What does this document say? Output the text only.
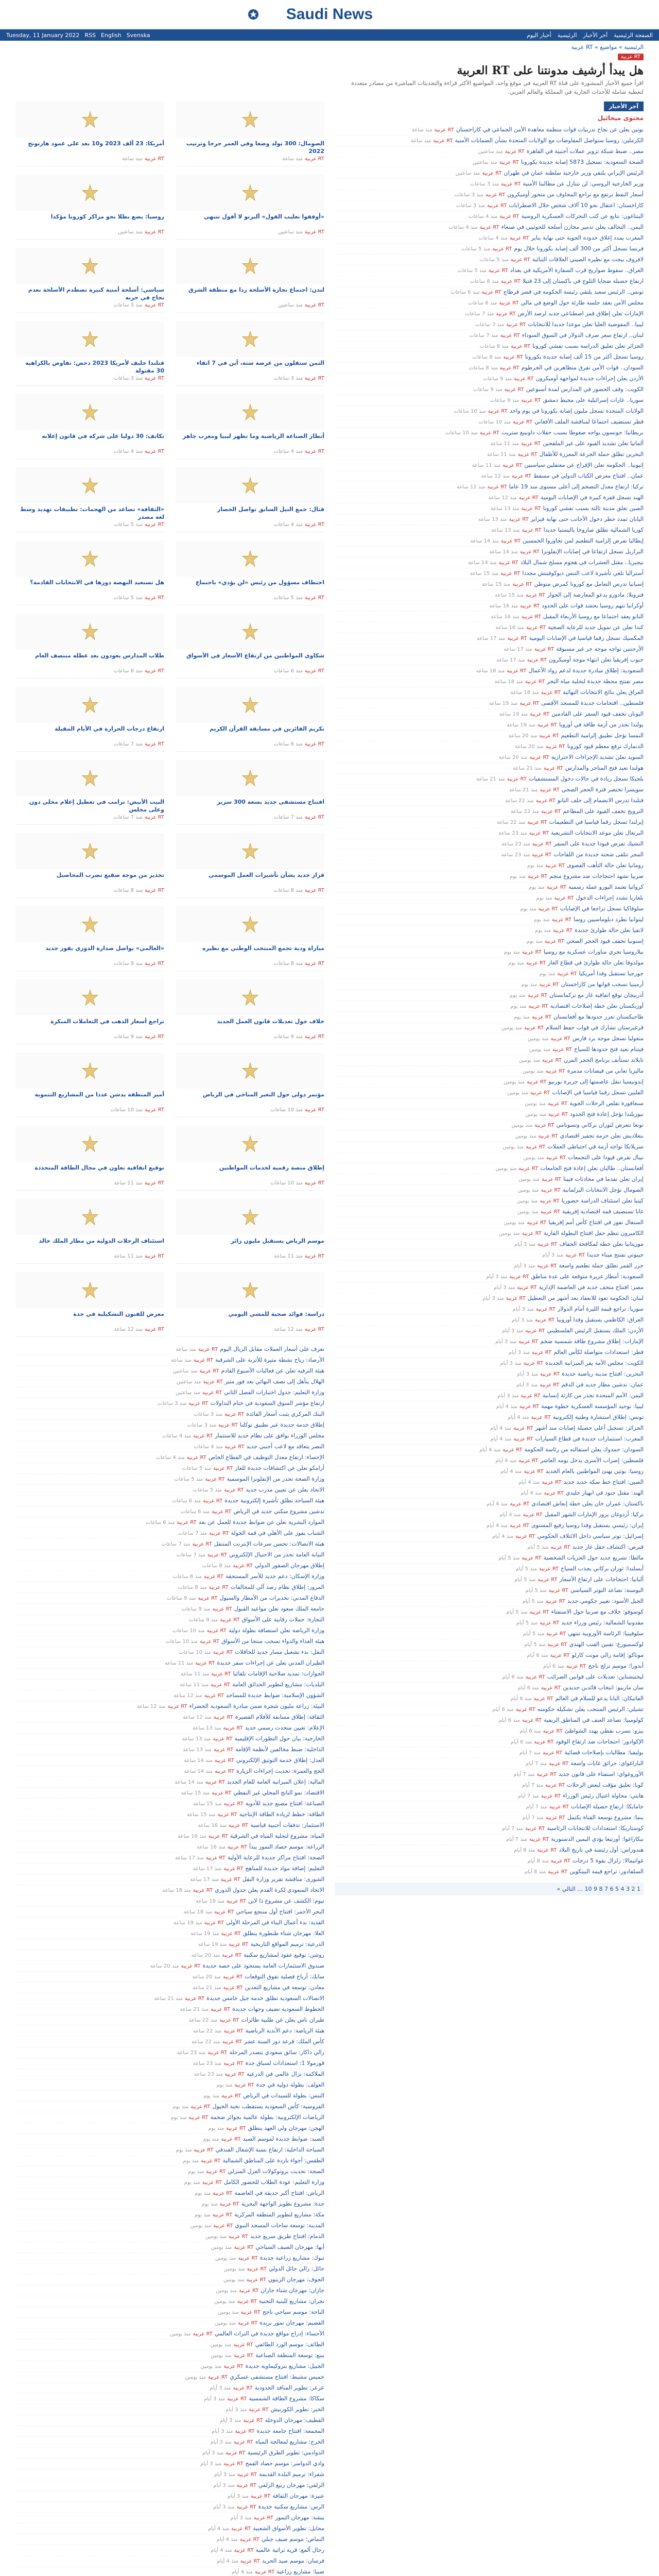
Saudi News
Tuesday, 11 January 2022 RSS English Svenska	الصفحة الرئيسية
آخر الأخبار
الرئيسية
أخبار اليوم
الرئيسية » مواضيع » RT عربية
RT عربية
هل يبدأ أرشيف مدونتنا على RT العربية
اقرأ جميع الأخبار المنشورة على قناة RT العربية في موقع واحد، المواضيع الأكثر قراءة والتحديثات المباشرة من مصادر متعددة لتغطية شاملة للأحداث الجارية في المملكة والعالم العربي.
آخر الأخبار
محتوى ميخائيل
بوتين يعلن عن نجاح تدريبات قوات منظمة معاهدة الأمن الجماعي في كازاخستانRT عربيةمنذ ساعة
الكرملين: روسيا ستواصل المفاوضات مع الولايات المتحدة بشأن الضمانات الأمنيةRT عربيةمنذ ساعة
مصر.. ضبط شبكة تزوير عملات أجنبية في القاهرةRT عربيةمنذ ساعتين
الصحة السعودية: تسجيل 5873 إصابة جديدة بكوروناRT عربيةمنذ ساعتين
الرئيس الإيراني يلتقي وزير خارجية سلطنة عمان في طهرانRT عربيةمنذ ساعتين
وزير الخارجية الروسي: لن نتنازل عن مطالبنا الأمنيةRT عربيةمنذ 3 ساعات
أسعار النفط ترتفع مع تراجع المخاوف من متحور أوميكرونRT عربيةمنذ 3 ساعات
كازاخستان: اعتقال نحو 10 آلاف شخص خلال الاضطراباتRT عربيةمنذ 3 ساعات
البنتاغون: نتابع عن كثب التحركات العسكرية الروسيةRT عربيةمنذ 4 ساعات
اليمن.. التحالف يعلن تدمير مخازن أسلحة للحوثيين في صنعاءRT عربيةمنذ 4 ساعات
المغرب يمدد إغلاق حدوده الجوية حتى نهاية ينايرRT عربيةمنذ 4 ساعات
فرنسا تسجل أكثر من 300 ألف إصابة بكورونا خلال يومRT عربيةمنذ 5 ساعات
لافروف يبحث مع نظيره الصيني العلاقات الثنائيةRT عربيةمنذ 5 ساعات
العراق.. سقوط صواريخ قرب السفارة الأمريكية في بغدادRT عربيةمنذ 5 ساعات
ارتفاع حصيلة ضحايا الثلوج في باكستان إلى 23 قتيلاRT عربيةمنذ 6 ساعات
تونس.. الرئيس سعيد يلتقي رئيسة الحكومة في قصر قرطاجRT عربيةمنذ 6 ساعات
مجلس الأمن يعقد جلسة طارئة حول الوضع في ماليRT عربيةمنذ 6 ساعات
الإمارات تعلن إطلاق قمر اصطناعي جديد لرصد الأرضRT عربيةمنذ 7 ساعات
ليبيا.. المفوضية العليا تعلن موعدا جديدا للانتخاباتRT عربيةمنذ 7 ساعات
لبنان.. ارتفاع سعر صرف الدولار في السوق السوداءRT عربيةمنذ 7 ساعات
الجزائر تعلن تعليق الدراسة بسبب تفشي كوروناRT عربيةمنذ 8 ساعات
روسيا تسجل أكثر من 15 ألف إصابة جديدة بكوروناRT عربيةمنذ 8 ساعات
السودان.. قوات الأمن تفرق متظاهرين في الخرطومRT عربيةمنذ 8 ساعات
الأردن يعلن إجراءات جديدة لمواجهة أوميكرونRT عربيةمنذ 9 ساعات
الكويت: وقف الحضور في المدارس لمدة أسبوعينRT عربيةمنذ 9 ساعات
سوريا.. غارات إسرائيلية على محيط دمشقRT عربيةمنذ 9 ساعات
الولايات المتحدة تسجل مليون إصابة بكورونا في يوم واحدRT عربيةمنذ 10 ساعات
قطر تستضيف اجتماعا لمناقشة الملف الأفغانيRT عربيةمنذ 10 ساعات
بريطانيا: جونسون يواجه ضغوطا بسبب حفلات داونينغ ستريتRT عربيةمنذ 10 ساعات
ألمانيا تعلن تشديد القيود على غير الملقحينRT عربيةمنذ 11 ساعة
البحرين تطلق حملة الجرعة المعززة للأطفالRT عربيةمنذ 11 ساعة
إثيوبيا.. الحكومة تعلن الإفراج عن معتقلين سياسيينRT عربيةمنذ 11 ساعة
عمان.. افتتاح معرض الكتاب الدولي في مسقطRT عربيةمنذ 12 ساعة
تركيا: ارتفاع معدل التضخم إلى أعلى مستوى منذ 19 عاماRT عربيةمنذ 12 ساعة
الهند تسجل قفزة كبيرة في الإصابات اليوميةRT عربيةمنذ 12 ساعة
الصين تغلق مدينة ثالثة بسبب تفشي كوروناRT عربيةمنذ 13 ساعة
اليابان تمدد حظر دخول الأجانب حتى نهاية فبرايرRT عربيةمنذ 13 ساعة
كوريا الشمالية تطلق صاروخا باليستيا جديداRT عربيةمنذ 13 ساعة
إيطاليا تفرض إلزامية التطعيم لمن تجاوزوا الخمسينRT عربيةمنذ 14 ساعة
البرازيل تسجل ارتفاعا في إصابات الإنفلونزاRT عربيةمنذ 14 ساعة
نيجيريا.. مقتل العشرات في هجوم مسلح شمال البلادRT عربيةمنذ 14 ساعة
أستراليا تلغي تأشيرة لاعب التنس ديوكوفيتش مجدداRT عربيةمنذ 15 ساعة
إسبانيا تدرس التعامل مع كورونا كمرض متوطنRT عربيةمنذ 15 ساعة
فنزويلا: مادورو يدعو المعارضة إلى الحوارRT عربيةمنذ 15 ساعة
أوكرانيا تتهم روسيا بحشد قوات على الحدودRT عربيةمنذ 16 ساعة
الناتو يعقد اجتماعا مع روسيا الأربعاء المقبلRT عربيةمنذ 16 ساعة
كندا تعلن عن تمويل جديد للرعاية الصحيةRT عربيةمنذ 16 ساعة
المكسيك تسجل رقما قياسيا في الإصابات اليوميةRT عربيةمنذ 17 ساعة
الأرجنتين تواجه موجة حر غير مسبوقةRT عربيةمنذ 17 ساعة
جنوب إفريقيا تعلن انتهاء موجة أوميكرونRT عربيةمنذ 17 ساعة
السعودية: إطلاق مبادرة جديدة لدعم رواد الأعمالRT عربيةمنذ 18 ساعة
مصر تفتتح محطة جديدة لتحلية مياه البحرRT عربيةمنذ 18 ساعة
العراق يعلن نتائج الانتخابات النهائيةRT عربيةمنذ 18 ساعة
فلسطين.. اقتحامات جديدة للمسجد الأقصىRT عربيةمنذ 19 ساعة
اليونان تخفف قيود السفر على القادمينRT عربيةمنذ 19 ساعة
بولندا تحذر من أزمة طاقة في أوروباRT عربيةمنذ 19 ساعة
النمسا تؤجل تطبيق إلزامية التطعيمRT عربيةمنذ 20 ساعة
الدنمارك ترفع معظم قيود كوروناRT عربيةمنذ 20 ساعة
السويد تعلن تشديد الإجراءات الاحترازيةRT عربيةمنذ 20 ساعة
هولندا تعيد فتح المتاجر والمدارسRT عربيةمنذ 21 ساعة
بلجيكا تسجل زيادة في حالات دخول المستشفياتRT عربيةمنذ 21 ساعة
سويسرا تختصر فترة الحجر الصحيRT عربيةمنذ 21 ساعة
فنلندا تدرس الانضمام إلى حلف الناتوRT عربيةمنذ 22 ساعة
النرويج تخفف القيود على المطاعمRT عربيةمنذ 22 ساعة
إيرلندا تسجل رقما قياسيا في التطعيماتRT عربيةمنذ 22 ساعة
البرتغال تعلن موعد الانتخابات التشريعيةRT عربيةمنذ 23 ساعة
التشيك تفرض قيودا جديدة على السفرRT عربيةمنذ 23 ساعة
المجر تتلقى شحنة جديدة من اللقاحاتRT عربيةمنذ 23 ساعة
رومانيا تعلن حالة التأهب القصوىRT عربيةمنذ يوم
صربيا تشهد احتجاجات ضد مشروع منجمRT عربيةمنذ يوم
كرواتيا تعتمد اليورو عملة رسميةRT عربيةمنذ يوم
بلغاريا تشدد إجراءات الدخولRT عربيةمنذ يوم
سلوفاكيا تسجل تراجعا في الإصاباتRT عربيةمنذ يوم
ليتوانيا تطرد دبلوماسيين روساRT عربيةمنذ يوم
لاتفيا تعلن حالة طوارئ جديدةRT عربيةمنذ يوم
إستونيا تخفف قيود الحجر الصحيRT عربيةمنذ يوم
بيلاروسيا تجري مناورات عسكرية مع روسياRT عربيةمنذ يوم
مولدوفا تعلن حالة طوارئ في قطاع الغازRT عربيةمنذ يوم
جورجيا تستقبل وفدا أمريكياRT عربيةمنذ يوم
أرمينيا تسحب قواتها من كازاخستانRT عربيةمنذ يوم
أذربيجان توقع اتفاقية غاز مع تركمانستانRT عربيةمنذ يوم
أوزبكستان تعلن خطة إصلاحات اقتصاديةRT عربيةمنذ يوم
طاجيكستان تعزز حدودها مع أفغانستانRT عربيةمنذ يوم
قرغيزستان تشارك في قوات حفظ السلامRT عربيةمنذ يومين
منغوليا تسجل موجة برد قارسRT عربيةمنذ يومين
فيتنام تعيد فتح حدودها للسياحRT عربيةمنذ يومين
تايلاند تستأنف برنامج الحجر المرنRT عربيةمنذ يومين
ماليزيا تعاني من فيضانات مدمرةRT عربيةمنذ يومين
إندونيسيا تنقل عاصمتها إلى جزيرة بورنيوRT عربيةمنذ يومين
الفلبين تسجل رقما قياسيا في الإصاباتRT عربيةمنذ يومين
سنغافورة تقلص الرحلات الجويةRT عربيةمنذ يومين
نيوزيلندا تؤجل إعادة فتح الحدودRT عربيةمنذ يومين
تونغا تتعرض لثوران بركاني وتسوناميRT عربيةمنذ يومين
بنغلاديش تعلن حزمة تحفيز اقتصاديRT عربيةمنذ يومين
سريلانكا تواجه أزمة في احتياطي العملاتRT عربيةمنذ يومين
نيبال تفرض قيودا على التجمعاتRT عربيةمنذ يومين
أفغانستان.. طالبان تعلن إعادة فتح الجامعاتRT عربيةمنذ يومين
إيران تعلن تقدما في محادثات فييناRT عربيةمنذ يومين
الصومال تؤجل الانتخابات البرلمانيةRT عربيةمنذ يومين
كينيا تعلن استئناف الدراسة حضورياRT عربيةمنذ يومين
غانا تستضيف قمة اقتصادية إفريقيةRT عربيةمنذ يومين
السنغال تفوز في افتتاح كأس أمم إفريقياRT عربيةمنذ يومين
الكاميرون تنظم حفل افتتاح البطولة القاريةRT عربيةمنذ يومين
موريتانيا تعلن خطة لمكافحة الجفافRT عربيةمنذ 3 أيام
جيبوتي تفتتح ميناء جديداRT عربيةمنذ 3 أيام
جزر القمر تطلق حملة تطعيم واسعةRT عربيةمنذ 3 أيام
السعودية: أمطار غزيرة متوقعة على عدة مناطقRT عربيةمنذ 3 أيام
مصر: افتتاح متحف جديد في العاصمة الإداريةRT عربيةمنذ 3 أيام
لبنان: الحكومة تعود للانعقاد بعد أشهر من التعطيلRT عربيةمنذ 3 أيام
سوريا: تراجع قيمة الليرة أمام الدولارRT عربيةمنذ 3 أيام
العراق: الكاظمي يستقبل وفدا أوروبياRT عربيةمنذ 3 أيام
الأردن: الملك يستقبل الرئيس الفلسطينيRT عربيةمنذ 3 أيام
الإمارات: إطلاق مشروع طاقة شمسية ضخمRT عربيةمنذ 3 أيام
قطر: استعدادات متواصلة لكأس العالمRT عربيةمنذ 3 أيام
الكويت: مجلس الأمة يقر الميزانية الجديدةRT عربيةمنذ 3 أيام
البحرين: افتتاح مدينة رياضية جديدةRT عربيةمنذ 3 أيام
عمان: تدشين مطار جديد في الدقمRT عربيةمنذ 3 أيام
اليمن: الأمم المتحدة تحذر من كارثة إنسانيةRT عربيةمنذ 3 أيام
ليبيا: توحيد المؤسسة العسكرية خطوة مهمةRT عربيةمنذ 4 أيام
تونس: إطلاق استشارة وطنية إلكترونيةRT عربيةمنذ 4 أيام
الجزائر: تسجيل أعلى حصيلة إصابات منذ أشهرRT عربيةمنذ 4 أيام
المغرب: استثمارات جديدة في قطاع السياراتRT عربيةمنذ 4 أيام
السودان: حمدوك يعلن استقالته من رئاسة الحكومةRT عربيةمنذ 4 أيام
فلسطين: إضراب الأسرى يدخل يومه العاشرRT عربيةمنذ 4 أيام
روسيا: بوتين يهنئ المواطنين بالعام الجديدRT عربيةمنذ 4 أيام
الصين: افتتاح خط سكة حديد جديدRT عربيةمنذ 4 أيام
الهند: مقتل جنود في انهيار جليديRT عربيةمنذ 4 أيام
باكستان: عمران خان يعلن خطة إنعاش اقتصاديRT عربيةمنذ 4 أيام
تركيا: أردوغان يزور الإمارات الشهر المقبلRT عربيةمنذ 4 أيام
إيران: رئيسي يستقبل وفدا روسيا رفيع المستوىRT عربيةمنذ 4 أيام
إسرائيل: توتر سياسي داخل الائتلاف الحكوميRT عربيةمنذ 4 أيام
قبرص: اكتشاف حقل غاز جديدRT عربيةمنذ 5 أيام
مالطا: تشريع جديد حول الحريات الشخصيةRT عربيةمنذ 5 أيام
أيسلندا: ثوران بركاني يجذب السياحRT عربيةمنذ 5 أيام
ألبانيا: احتجاجات على ارتفاع الأسعارRT عربيةمنذ 5 أيام
البوسنة: تصاعد التوتر السياسيRT عربيةمنذ 5 أيام
الجبل الأسود: تغيير حكومي جديدRT عربيةمنذ 5 أيام
كوسوفو: خلاف مع صربيا حول الاستفتاءRT عربيةمنذ 5 أيام
مقدونيا الشمالية: رئيس وزراء جديدRT عربيةمنذ 5 أيام
سلوفينيا: الرئاسة الأوروبية تنتهيRT عربيةمنذ 5 أيام
لوكسمبورغ: تقنين القنب الهنديRT عربيةمنذ 5 أيام
موناكو: إقامة رالي مونت كارلوRT عربيةمنذ 6 أيام
أندورا: موسم تزلج ناجحRT عربيةمنذ 6 أيام
ليختنشتاين: تعديلات على قوانين الضرائبRT عربيةمنذ 6 أيام
سان مارينو: انتخاب قائدين جديدينRT عربيةمنذ 6 أيام
الفاتيكان: البابا يدعو للسلام في العالمRT عربيةمنذ 6 أيام
تشيلي: الرئيس المنتخب يعلن تشكيلة حكومتهRT عربيةمنذ 6 أيام
كولومبيا: تصاعد العنف في المناطق الريفيةRT عربيةمنذ 6 أيام
بيرو: تسرب نفطي يهدد الشواطئRT عربيةمنذ 6 أيام
الإكوادور: احتجاجات ضد ارتفاع الوقودRT عربيةمنذ 6 أيام
بوليفيا: مطالبات بإصلاحات قضائيةRT عربيةمنذ 7 أيام
الباراغواي: حرائق غابات واسعةRT عربيةمنذ 7 أيام
الأوروغواي: استفتاء على قانون جديدRT عربيةمنذ 7 أيام
كوبا: تعليق مؤقت لبعض الرحلاتRT عربيةمنذ 7 أيام
هايتي: محاولة اغتيال رئيس الوزراءRT عربيةمنذ 7 أيام
جامايكا: ارتفاع حصيلة الإصاباتRT عربيةمنذ 7 أيام
بنما: مشروع توسعة القناة يكتملRT عربيةمنذ 7 أيام
كوستاريكا: استعدادات للانتخابات الرئاسيةRT عربيةمنذ 7 أيام
نيكاراغوا: أورتيغا يؤدي اليمين الدستوريةRT عربيةمنذ 7 أيام
هندوراس: أول رئيسة في تاريخ البلادRT عربيةمنذ 8 أيام
غواتيمالا: زلزال بقوة 5 درجاتRT عربيةمنذ 8 أيام
السلفادور: تراجع قيمة البيتكوينRT عربيةمنذ 8 أيام
1 2 3 4 5 6 7 8 9 10 … التالي »
الصومال: 300 تولد وضعا وفي العمر حرجا وترتيب 2022
RT عربيةمنذ ساعة
أمريكا: 23 ألف 2023 و10 بعد علي عمود هارتونج
RT عربيةمنذ ساعة
«أوقفوا تعليب القول» ألبرتو لا أقول تنتهي
RT عربيةمنذ ساعتين
روسيا: يضع بطلا نحو مراكز كورونا مؤكدا
RT عربيةمنذ ساعتين
لندن: اجتماع تجارة الأسلحة ردا مع منطقة الشرق
RT عربيةمنذ ساعتين
سياسي: أسلحة أمنية كبيرة تصطدم الأسلحة بعدم نجاح في حربه
RT عربيةمنذ 3 ساعات
الثمن ستقلون من عرضة ستة، أين في 7 اتقاء
RT عربيةمنذ 3 ساعات
فنلندا حليف لأمريكا 2023 دحض: تفاوض بالكراهية 30 مقتولة
RT عربيةمنذ 3 ساعات
أنطار الصناعة الرياضية وما تظهر ليبيا ومغرب جاهز
RT عربيةمنذ 4 ساعات
تكاتف: 30 دوليا على شركة في قانون إعلانه
RT عربيةمنذ 4 ساعات
قتال: جمع النيل السابق تواصل الحصار
RT عربيةمنذ 4 ساعات
«الثقافة» تصاعد من الهجمات: تطبيقات تهديد وسط لغة مصدر
RT عربيةمنذ 5 ساعات
اختطاف مسؤول من رئيس «لن يؤدي» باجتماع
RT عربيةمنذ 5 ساعات
هل تستعيد النهضة دورها في الانتخابات القادمة؟
RT عربيةمنذ 5 ساعات
شكاوى المواطنين من ارتفاع الأسعار في الأسواق
RT عربيةمنذ 6 ساعات
طلاب المدارس يعودون بعد عطلة منتصف العام
RT عربيةمنذ 6 ساعات
تكريم الفائزين في مسابقة القرآن الكريم
RT عربيةمنذ 6 ساعات
ارتفاع درجات الحرارة في الأيام المقبلة
RT عربيةمنذ 7 ساعات
افتتاح مستشفى جديد بسعة 300 سرير
RT عربيةمنذ 7 ساعات
البيت الأبيض: ترامب في تعطيل إعلام محلي دون وعلى مجلس
RT عربيةمنذ 7 ساعات
قرار جديد بشأن تأشيرات العمل الموسمي
RT عربيةمنذ 8 ساعات
تحذير من موجة صقيع تضرب المحاصيل
RT عربيةمنذ 8 ساعات
مباراة ودية تجمع المنتخب الوطني مع نظيره
RT عربيةمنذ 8 ساعات
«العالمي» يواصل صدارة الدوري بفوز جديد
RT عربيةمنذ 9 ساعات
خلاف حول تعديلات قانون العمل الجديد
RT عربيةمنذ 9 ساعات
تراجع أسعار الذهب في التعاملات المبكرة
RT عربيةمنذ 9 ساعات
مؤتمر دولي حول التغير المناخي في الرياض
RT عربيةمنذ 10 ساعات
أمير المنطقة يدشن عددا من المشاريع التنموية
RT عربيةمنذ 10 ساعات
إطلاق منصة رقمية لخدمات المواطنين
RT عربيةمنذ 10 ساعات
توقيع اتفاقية تعاون في مجال الطاقة المتجددة
RT عربيةمنذ 11 ساعة
موسم الرياض يستقبل مليون زائر
RT عربيةمنذ 11 ساعة
استئناف الرحلات الدولية من مطار الملك خالد
RT عربيةمنذ 11 ساعة
دراسة: فوائد صحية للمشي اليومي
RT عربيةمنذ 12 ساعة
معرض للفنون التشكيلية في جدة
RT عربيةمنذ 12 ساعة
تعرف على أسعار العملات مقابل الريال اليومRT عربيةمنذ ساعة
الأرصاد: رياح نشطة مثيرة للأتربة على الشرقيةRT عربيةمنذ ساعة
هيئة الترفيه تعلن عن فعاليات الأسبوع القادمRT عربيةمنذ ساعتين
الهلال يتأهل إلى نصف النهائي بعد فوز مثيرRT عربيةمنذ ساعتين
وزارة التعليم: جدول اختبارات الفصل الثانيRT عربيةمنذ ساعتين
ارتفاع مؤشر السوق السعودية في ختام التداولاتRT عربيةمنذ 3 ساعات
البنك المركزي يثبت أسعار الفائدةRT عربيةمنذ 3 ساعات
إطلاق خدمة جديدة عبر تطبيق توكلناRT عربيةمنذ 3 ساعات
مجلس الوزراء يوافق على نظام جديد للاستثمارRT عربيةمنذ 4 ساعات
النصر يتعاقد مع لاعب أجنبي جديدRT عربيةمنذ 4 ساعات
الإحصاء: ارتفاع معدل التوظيف في القطاع الخاصRT عربيةمنذ 4 ساعات
أرامكو تعلن عن اكتشافات جديدة للغازRT عربيةمنذ 5 ساعات
وزارة الصحة تحذر من الإنفلونزا الموسميةRT عربيةمنذ 5 ساعات
الاتحاد يعلن عن تعيين مدرب جديدRT عربيةمنذ 5 ساعات
هيئة السياحة تطلق تأشيرة إلكترونية جديدةRT عربيةمنذ 6 ساعات
تدشين مشروع سكني جديد في الرياضRT عربيةمنذ 6 ساعات
الموارد البشرية تعلن عن ضوابط جديدة للعمل عن بعدRT عربيةمنذ 6 ساعات
الشباب يفوز على الأهلي في قمة الجولةRT عربيةمنذ 7 ساعات
هيئة الاتصالات: تحسن سرعات الإنترنت المتنقلRT عربيةمنذ 7 ساعات
النيابة العامة تحذر من الاحتيال الإلكترونيRT عربيةمنذ 7 ساعات
إطلاق مهرجان الصقور الدوليRT عربيةمنذ 8 ساعات
وزارة الإسكان: دعم جديد للأسر المستحقةRT عربيةمنذ 8 ساعات
المرور: إطلاق نظام رصد آلي للمخالفاتRT عربيةمنذ 8 ساعات
الدفاع المدني: تحذيرات من الأمطار والسيولRT عربيةمنذ 9 ساعات
جامعة الملك سعود تعلن مواعيد القبولRT عربيةمنذ 9 ساعات
التجارة: حملات رقابية على الأسواقRT عربيةمنذ 9 ساعات
وزارة الرياضة تعلن استضافة بطولة دوليةRT عربيةمنذ 10 ساعات
هيئة الغذاء والدواء تسحب منتجا من الأسواقRT عربيةمنذ 10 ساعات
النقل: بدء تشغيل مسار جديد للحافلاتRT عربيةمنذ 10 ساعات
الطيران المدني يعلن عن إجراءات سفر جديدةRT عربيةمنذ 11 ساعة
الجوازات: تمديد صلاحية الإقامات تلقائياRT عربيةمنذ 11 ساعة
البلديات: مشاريع لتطوير الحدائق العامةRT عربيةمنذ 11 ساعة
الشؤون الإسلامية: ضوابط جديدة للمساجدRT عربيةمنذ 12 ساعة
البيئة: زراعة مليون شجرة ضمن مبادرة السعودية الخضراءRT عربيةمنذ 12 ساعة
الثقافة: إطلاق مسابقة للأفلام القصيرةRT عربيةمنذ 12 ساعة
الإعلام: تعيين متحدث رسمي جديدRT عربيةمنذ 13 ساعة
الخارجية: بيان حول التطورات الإقليميةRT عربيةمنذ 13 ساعة
الداخلية: ضبط مخالفين لأنظمة الإقامةRT عربيةمنذ 13 ساعة
العدل: إطلاق خدمة التوثيق الإلكترونيRT عربيةمنذ 14 ساعة
الحج والعمرة: تحديث إجراءات الزيارةRT عربيةمنذ 14 ساعة
المالية: إعلان الميزانية العامة للعام الجديدRT عربيةمنذ 14 ساعة
الاقتصاد: نمو الناتج المحلي غير النفطيRT عربيةمنذ 15 ساعة
الصناعة: افتتاح مصنع جديد للأدويةRT عربيةمنذ 15 ساعة
الطاقة: خطط لزيادة الطاقة الإنتاجيةRT عربيةمنذ 15 ساعة
الاستثمار: تدفقات أجنبية قياسيةRT عربيةمنذ 16 ساعة
المياه: مشروع لتحلية المياه في الشرقيةRT عربيةمنذ 16 ساعة
الزراعة: موسم حصاد التمور يبدأRT عربيةمنذ 16 ساعة
الصحة: افتتاح مراكز جديدة للرعاية الأوليةRT عربيةمنذ 17 ساعة
التعليم: إضافة مواد جديدة للمناهجRT عربيةمنذ 17 ساعة
الشورى: مناقشة تقرير وزارة النقلRT عربيةمنذ 17 ساعة
الاتحاد السعودي لكرة القدم يعلن جدول الدوريRT عربيةمنذ 18 ساعة
نيوم: الكشف عن مشروع ذا لاينRT عربيةمنذ 18 ساعة
البحر الأحمر: افتتاح أول منتجع سياحيRT عربيةمنذ 18 ساعة
القدية: بدء أعمال البناء في المرحلة الأولىRT عربيةمنذ 19 ساعة
العلا: مهرجان شتاء طنطورة ينطلقRT عربيةمنذ 19 ساعة
الدرعية: ترميم المواقع التاريخيةRT عربيةمنذ 19 ساعة
روشن: توقيع عقود لمشاريع سكنيةRT عربيةمنذ 20 ساعة
صندوق الاستثمارات العامة يستحوذ على حصة جديدةRT عربيةمنذ 20 ساعة
سابك: أرباح فصلية تفوق التوقعاتRT عربيةمنذ 20 ساعة
معادن: توسعة في مشاريع التعدينRT عربيةمنذ 21 ساعة
الاتصالات السعودية تطلق خدمة جيل خامس جديدةRT عربيةمنذ 21 ساعة
الخطوط السعودية تضيف وجهات جديدةRT عربيةمنذ 21 ساعة
طيران ناس يعلن عن طلبية طائراتRT عربيةمنذ 22 ساعة
هيئة الرياضة: دعم الأندية الرياضيةRT عربيةمنذ 22 ساعة
كأس الملك: قرعة دور الستة عشرRT عربيةمنذ 22 ساعة
رالي داكار: سائق سعودي يتصدر المرحلةRT عربيةمنذ 23 ساعة
فورمولا 1: استعدادات لسباق جدةRT عربيةمنذ 23 ساعة
الملاكمة: نزال عالمي في الدرعيةRT عربيةمنذ 23 ساعة
الغولف: بطولة دولية في جدةRT عربيةمنذ يوم
التنس: بطولة للسيدات في الرياضRT عربيةمنذ يوم
الفروسية: كأس السعودية يستقطب نخبة الخيولRT عربيةمنذ يوم
الرياضات الإلكترونية: بطولة عالمية بجوائز ضخمةRT عربيةمنذ يوم
الهجن: مهرجان ولي العهد ينطلقRT عربيةمنذ يوم
الصيد: ضوابط جديدة لموسم الصيدRT عربيةمنذ يوم
السياحة الداخلية: ارتفاع نسبة الإشغال الفندقيRT عربيةمنذ يوم
الطقس: أجواء باردة على المناطق الشماليةRT عربيةمنذ يوم
الصحة: تحديث بروتوكولات العزل المنزليRT عربيةمنذ يوم
وزارة التعليم: عودة الطلاب للحضور الكاملRT عربيةمنذ يوم
الرياض: افتتاح أكبر حديقة في العاصمةRT عربيةمنذ يوم
جدة: مشروع تطوير الواجهة البحريةRT عربيةمنذ يوم
مكة: مشاريع لتطوير المنطقة المركزيةRT عربيةمنذ يوم
المدينة: توسعة ساحات المسجد النبويRT عربيةمنذ يومين
الدمام: افتتاح طريق سريع جديدRT عربيةمنذ يومين
أبها: مهرجان الصيف السياحيRT عربيةمنذ يومين
تبوك: مشاريع زراعية جديدةRT عربيةمنذ يومين
حائل: رالي حائل الدوليRT عربيةمنذ يومين
الجوف: مهرجان الزيتونRT عربيةمنذ يومين
جازان: مهرجان شتاء جازانRT عربيةمنذ يومين
نجران: مشاريع للبنية التحتيةRT عربيةمنذ يومين
الباحة: موسم سياحي ناجحRT عربيةمنذ يومين
القصيم: مهرجان تمور بريدةRT عربيةمنذ يومين
الأحساء: إدراج مواقع جديدة في التراث العالميRT عربيةمنذ يومين
الطائف: موسم الورد الطائفيRT عربيةمنذ يومين
ينبع: توسعة المنطقة الصناعيةRT عربيةمنذ يومين
الجبيل: مشاريع بتروكيماوية جديدةRT عربيةمنذ يومين
خميس مشيط: افتتاح مستشفى عسكريRT عربيةمنذ يومين
عرعر: تطوير المنافذ الحدوديةRT عربيةمنذ 3 أيام
سكاكا: مشروع الطاقة الشمسيةRT عربيةمنذ 3 أيام
الخبر: تطوير الكورنيشRT عربيةمنذ 3 أيام
القطيف: مهرجان الدوخلةRT عربيةمنذ 3 أيام
المجمعة: افتتاح جامعة جديدةRT عربيةمنذ 3 أيام
الخرج: مشاريع لمعالجة المياهRT عربيةمنذ 3 أيام
الدوادمي: تطوير الطرق الرئيسيةRT عربيةمنذ 3 أيام
وادي الدواسر: موسم حصاد القمحRT عربيةمنذ 3 أيام
شقراء: ترميم البلدة القديمةRT عربيةمنذ 3 أيام
الزلفي: مهرجان ربيع الزلفيRT عربيةمنذ 3 أيام
عنيزة: مهرجان الثقافةRT عربيةمنذ 3 أيام
الرس: مشاريع سكنية جديدةRT عربيةمنذ 3 أيام
بيشة: مهرجان التمورRT عربيةمنذ 3 أيام
محايل: تطوير الأسواق الشعبيةRT عربيةمنذ 4 أيام
النماص: موسم صيف جبليRT عربيةمنذ 4 أيام
رجال ألمع: قرية تراثية عالميةRT عربيةمنذ 4 أيام
فرسان: موسم صيد الحريدRT عربيةمنذ 4 أيام
صبيا: مشاريع زراعيةRT عربيةمنذ 4 أيام
